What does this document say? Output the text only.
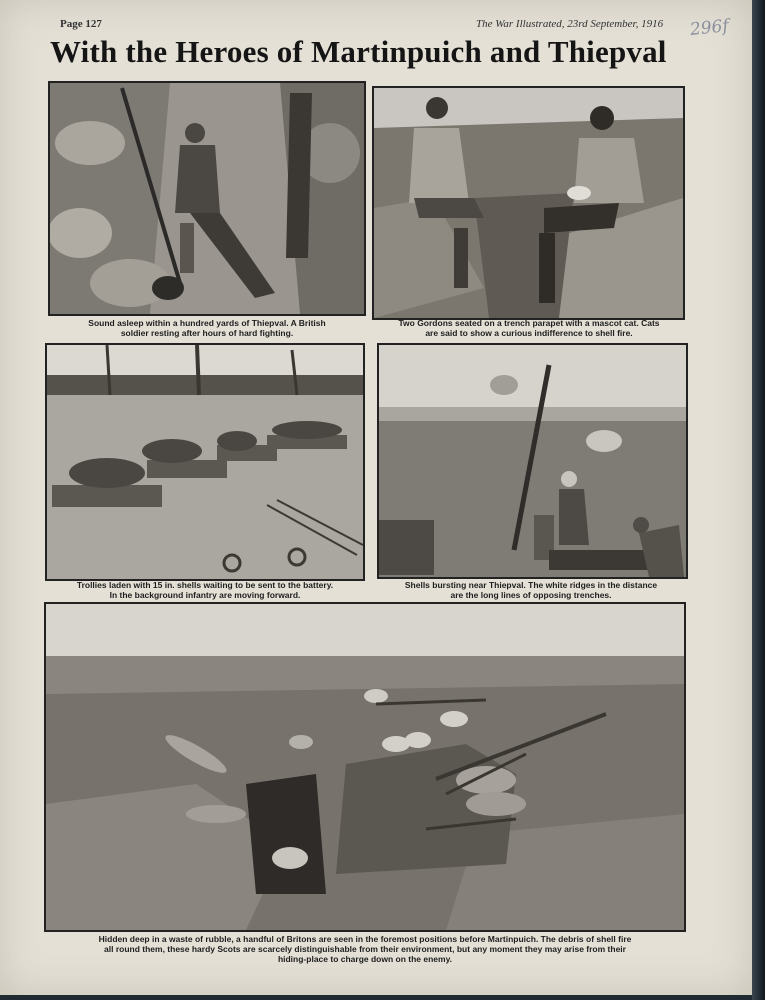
Page 127	The War Illustrated, 23rd September, 1916 296f
With the Heroes of Martinpuich and Thiepval
Sound asleep within a hundred yards of Thiepval. A British
soldier resting after hours of hard fighting.
Two Gordons seated on a trench parapet with a mascot cat. Cats
are said to show a curious indifference to shell fire.
Trollies laden with 15 in. shells waiting to be sent to the battery.
In the background infantry are moving forward.
Shells bursting near Thiepval. The white ridges in the distance
are the long lines of opposing trenches.
Hidden deep in a waste of rubble, a handful of Britons are seen in the foremost positions before Martinpuich. The debris of shell fire
all round them, these hardy Scots are scarcely distinguishable from their environment, but any moment they may arise from their
hiding-place to charge down on the enemy.
